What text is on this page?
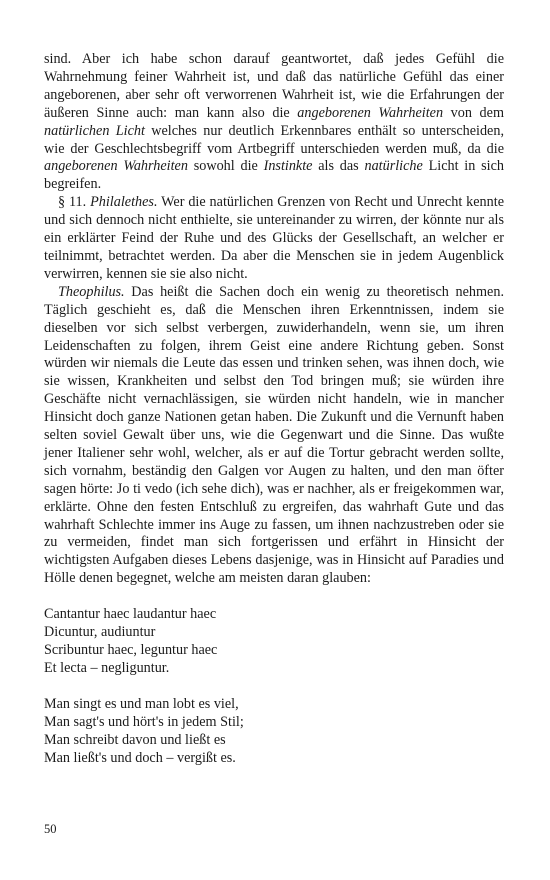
sind. Aber ich habe schon darauf geantwortet, daß jedes Gefühl die Wahrnehmung feiner Wahrheit ist, und daß das natürliche Gefühl das einer angeborenen, aber sehr oft verworrenen Wahrheit ist, wie die Erfahrungen der äußeren Sinne auch: man kann also die angeborenen Wahrheiten von dem natürlichen Licht welches nur deutlich Erkennbares enthält so unterscheiden, wie der Geschlechtsbegriff vom Artbegriff unterschieden werden muß, da die angeborenen Wahrheiten sowohl die Instinkte als das natürliche Licht in sich begreifen.

§ 11. Philalethes. Wer die natürlichen Grenzen von Recht und Unrecht kennte und sich dennoch nicht enthielte, sie untereinander zu wirren, der könnte nur als ein erklärter Feind der Ruhe und des Glücks der Gesellschaft, an welcher er teilnimmt, betrachtet werden. Da aber die Menschen sie in jedem Augenblick verwirren, kennen sie sie also nicht.

Theophilus. Das heißt die Sachen doch ein wenig zu theoretisch nehmen. Täglich geschieht es, daß die Menschen ihren Erkenntnissen, indem sie dieselben vor sich selbst verbergen, zuwiderhandeln, wenn sie, um ihren Leidenschaften zu folgen, ihrem Geist eine andere Richtung geben. Sonst würden wir niemals die Leute das essen und trinken sehen, was ihnen doch, wie sie wissen, Krankheiten und selbst den Tod bringen muß; sie würden ihre Geschäfte nicht vernachlässigen, sie würden nicht handeln, wie in mancher Hinsicht doch ganze Nationen getan haben. Die Zukunft und die Vernunft haben selten soviel Gewalt über uns, wie die Gegenwart und die Sinne. Das wußte jener Italiener sehr wohl, welcher, als er auf die Tortur gebracht werden sollte, sich vornahm, beständig den Galgen vor Augen zu halten, und den man öfter sagen hörte: Jo ti vedo (ich sehe dich), was er nachher, als er freigekommen war, erklärte. Ohne den festen Entschluß zu ergreifen, das wahrhaft Gute und das wahrhaft Schlechte immer ins Auge zu fassen, um ihnen nachzustreben oder sie zu vermeiden, findet man sich fortgerissen und erfährt in Hinsicht der wichtigsten Aufgaben dieses Lebens dasjenige, was in Hinsicht auf Paradies und Hölle denen begegnet, welche am meisten daran glauben:

Cantantur haec laudantur haec
Dicuntur, audiuntur
Scribuntur haec, leguntur haec
Et lecta – negliguntur.
Man singt es und man lobt es viel,
Man sagt's und hört's in jedem Stil;
Man schreibt davon und ließt es
Man ließt's und doch – vergißt es.
50
